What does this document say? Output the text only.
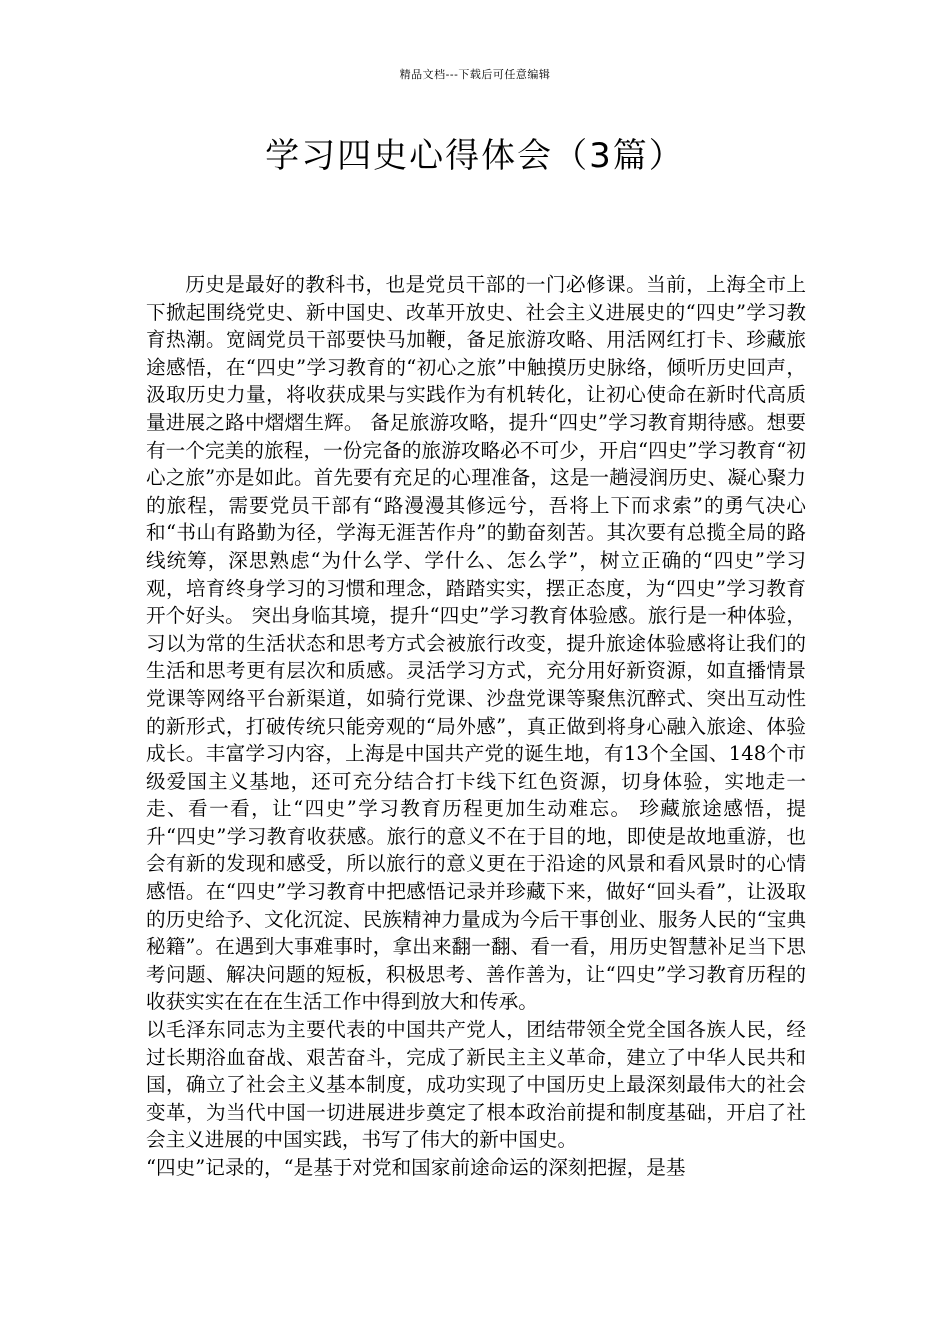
精品文档---下载后可任意编辑
学习四史心得体会（3篇）

历史是最好的教科书，也是党员干部的一门必修课。当前，上海全市上下掀起围绕党史、新中国史、改革开放史、社会主义进展史的“四史”学习教育热潮。宽阔党员干部要快马加鞭，备足旅游攻略、用活网红打卡、珍藏旅途感悟，在“四史”学习教育的“初心之旅”中触摸历史脉络，倾听历史回声，汲取历史力量，将收获成果与实践作为有机转化，让初心使命在新时代高质量进展之路中熠熠生辉。 备足旅游攻略，提升“四史”学习教育期待感。想要有一个完美的旅程，一份完备的旅游攻略必不可少，开启“四史”学习教育“初心之旅”亦是如此。首先要有充足的心理准备，这是一趟浸润历史、凝心聚力的旅程，需要党员干部有“路漫漫其修远兮，吾将上下而求索”的勇气决心和“书山有路勤为径，学海无涯苦作舟”的勤奋刻苦。其次要有总揽全局的路线统筹，深思熟虑“为什么学、学什么、怎么学”，树立正确的“四史”学习观，培育终身学习的习惯和理念，踏踏实实，摆正态度，为“四史”学习教育开个好头。 突出身临其境，提升“四史”学习教育体验感。旅行是一种体验，习以为常的生活状态和思考方式会被旅行改变，提升旅途体验感将让我们的生活和思考更有层次和质感。灵活学习方式，充分用好新资源，如直播情景党课等网络平台新渠道，如骑行党课、沙盘党课等聚焦沉醉式、突出互动性的新形式，打破传统只能旁观的“局外感”，真正做到将身心融入旅途、体验成长。丰富学习内容，上海是中国共产党的诞生地，有13个全国、148个市级爱国主义基地，还可充分结合打卡线下红色资源，切身体验，实地走一走、看一看，让“四史”学习教育历程更加生动难忘。 珍藏旅途感悟，提升“四史”学习教育收获感。旅行的意义不在于目的地，即使是故地重游，也会有新的发现和感受，所以旅行的意义更在于沿途的风景和看风景时的心情感悟。在“四史”学习教育中把感悟记录并珍藏下来，做好“回头看”，让汲取的历史给予、文化沉淀、民族精神力量成为今后干事创业、服务人民的“宝典秘籍”。在遇到大事难事时，拿出来翻一翻、看一看，用历史智慧补足当下思考问题、解决问题的短板，积极思考、善作善为，让“四史”学习教育历程的收获实实在在在生活工作中得到放大和传承。

以毛泽东同志为主要代表的中国共产党人，团结带领全党全国各族人民，经过长期浴血奋战、艰苦奋斗，完成了新民主主义革命，建立了中华人民共和国，确立了社会主义基本制度，成功实现了中国历史上最深刻最伟大的社会变革，为当代中国一切进展进步奠定了根本政治前提和制度基础，开启了社会主义进展的中国实践，书写了伟大的新中国史。

“四史”记录的，“是基于对党和国家前途命运的深刻把握，是基
